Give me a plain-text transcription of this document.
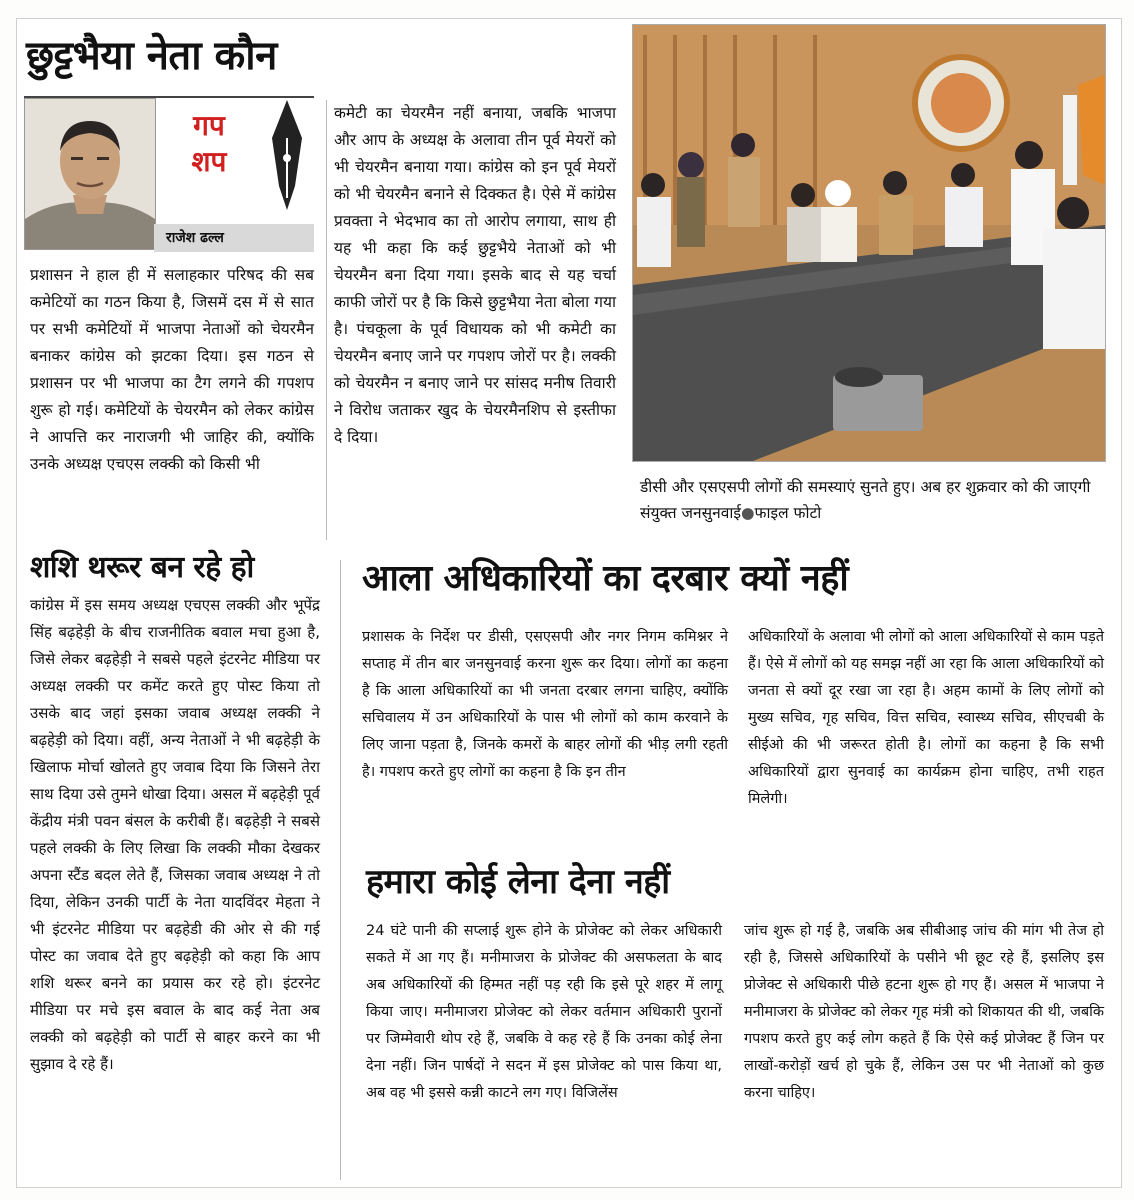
छुट्टभैया नेता कौन
गप
शप
राजेश ढल्ल
प्रशासन ने हाल ही में सलाहकार परिषद की सब कमेटियों का गठन किया है, जिसमें दस में से सात पर सभी कमेटियों में भाजपा नेताओं को चेयरमैन बनाकर कांग्रेस को झटका दिया। इस गठन से प्रशासन पर भी भाजपा का टैग लगने की गपशप शुरू हो गई। कमेटियों के चेयरमैन को लेकर कांग्रेस ने आपत्ति कर नाराजगी भी जाहिर की, क्योंकि उनके अध्यक्ष एचएस लक्की को किसी भी
कमेटी का चेयरमैन नहीं बनाया, जबकि भाजपा और आप के अध्यक्ष के अलावा तीन पूर्व मेयरों को भी चेयरमैन बनाया गया। कांग्रेस को इन पूर्व मेयरों को भी चेयरमैन बनाने से दिक्कत है। ऐसे में कांग्रेस प्रवक्ता ने भेदभाव का तो आरोप लगाया, साथ ही यह भी कहा कि कई छुट्टभैये नेताओं को भी चेयरमैन बना दिया गया। इसके बाद से यह चर्चा काफी जोरों पर है कि किसे छुट्टभैया नेता बोला गया है। पंचकूला के पूर्व विधायक को भी कमेटी का चेयरमैन बनाए जाने पर गपशप जोरों पर है। लक्की को चेयरमैन न बनाए जाने पर सांसद मनीष तिवारी ने विरोध जताकर खुद के चेयरमैनशिप से इस्तीफा दे दिया।
डीसी और एसएसपी लोगों की समस्याएं सुनते हुए। अब हर शुक्रवार को की जाएगी संयुक्त जनसुनवाई●फाइल फोटो
शशि थरूर बन रहे हो
कांग्रेस में इस समय अध्यक्ष एचएस लक्की और भूपेंद्र सिंह बढ़हेड़ी के बीच राजनीतिक बवाल मचा हुआ है, जिसे लेकर बढ़हेड़ी ने सबसे पहले इंटरनेट मीडिया पर अध्यक्ष लक्की पर कमेंट करते हुए पोस्ट किया तो उसके बाद जहां इसका जवाब अध्यक्ष लक्की ने बढ़हेड़ी को दिया। वहीं, अन्य नेताओं ने भी बढ़हेड़ी के खिलाफ मोर्चा खोलते हुए जवाब दिया कि जिसने तेरा साथ दिया उसे तुमने धोखा दिया। असल में बढ़हेड़ी पूर्व केंद्रीय मंत्री पवन बंसल के करीबी हैं। बढ़हेड़ी ने सबसे पहले लक्की के लिए लिखा कि लक्की मौका देखकर अपना स्टैंड बदल लेते हैं, जिसका जवाब अध्यक्ष ने तो दिया, लेकिन उनकी पार्टी के नेता यादविंदर मेहता ने भी इंटरनेट मीडिया पर बढ़हेडी की ओर से की गई पोस्ट का जवाब देते हुए बढ़हेड़ी को कहा कि आप शशि थरूर बनने का प्रयास कर रहे हो। इंटरनेट मीडिया पर मचे इस बवाल के बाद कई नेता अब लक्की को बढ़हेड़ी को पार्टी से बाहर करने का भी सुझाव दे रहे हैं।
आला अधिकारियों का दरबार क्यों नहीं
प्रशासक के निर्देश पर डीसी, एसएसपी और नगर निगम कमिश्नर ने सप्ताह में तीन बार जनसुनवाई करना शुरू कर दिया। लोगों का कहना है कि आला अधिकारियों का भी जनता दरबार लगना चाहिए, क्योंकि सचिवालय में उन अधिकारियों के पास भी लोगों को काम करवाने के लिए जाना पड़ता है, जिनके कमरों के बाहर लोगों की भीड़ लगी रहती है। गपशप करते हुए लोगों का कहना है कि इन तीन
अधिकारियों के अलावा भी लोगों को आला अधिकारियों से काम पड़ते हैं। ऐसे में लोगों को यह समझ नहीं आ रहा कि आला अधिकारियों को जनता से क्यों दूर रखा जा रहा है। अहम कामों के लिए लोगों को मुख्य सचिव, गृह सचिव, वित्त सचिव, स्वास्थ्य सचिव, सीएचबी के सीईओ की भी जरूरत होती है। लोगों का कहना है कि सभी अधिकारियों द्वारा सुनवाई का कार्यक्रम होना चाहिए, तभी राहत मिलेगी।
हमारा कोई लेना देना नहीं
24 घंटे पानी की सप्लाई शुरू होने के प्रोजेक्ट को लेकर अधिकारी सकते में आ गए हैं। मनीमाजरा के प्रोजेक्ट की असफलता के बाद अब अधिकारियों की हिम्मत नहीं पड़ रही कि इसे पूरे शहर में लागू किया जाए। मनीमाजरा प्रोजेक्ट को लेकर वर्तमान अधिकारी पुरानों पर जिम्मेवारी थोप रहे हैं, जबकि वे कह रहे हैं कि उनका कोई लेना देना नहीं। जिन पार्षदों ने सदन में इस प्रोजेक्ट को पास किया था, अब वह भी इससे कन्नी काटने लग गए। विजिलेंस
जांच शुरू हो गई है, जबकि अब सीबीआइ जांच की मांग भी तेज हो रही है, जिससे अधिकारियों के पसीने भी छूट रहे हैं, इसलिए इस प्रोजेक्ट से अधिकारी पीछे हटना शुरू हो गए हैं। असल में भाजपा ने मनीमाजरा के प्रोजेक्ट को लेकर गृह मंत्री को शिकायत की थी, जबकि गपशप करते हुए कई लोग कहते हैं कि ऐसे कई प्रोजेक्ट हैं जिन पर लाखों-करोड़ों खर्च हो चुके हैं, लेकिन उस पर भी नेताओं को कुछ करना चाहिए।
